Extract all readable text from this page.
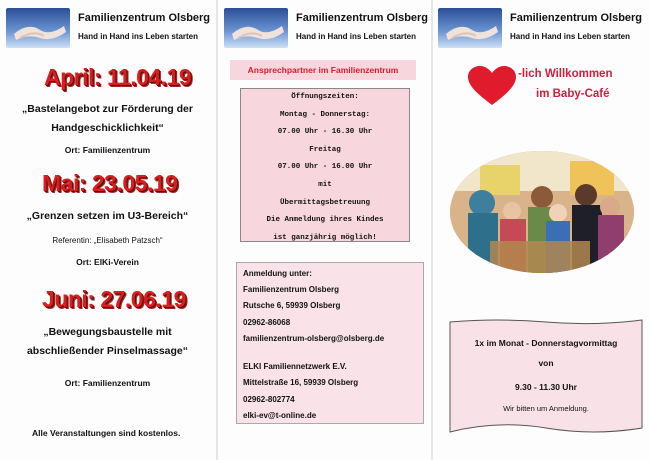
Familienzentrum Olsberg
Hand in Hand ins Leben starten
April: 11.04.19
„Bastelangebot zur Förderung der
Handgeschicklichkeit“
Ort: Familienzentrum
Mai: 23.05.19
„Grenzen setzen im U3-Bereich“
Referentin: „Elisabeth Patzsch“
Ort: ElKi-Verein
Juni: 27.06.19
„Bewegungsbaustelle mit
abschließender Pinselmassage“
Ort: Familienzentrum
Alle Veranstaltungen sind kostenlos.
Familienzentrum Olsberg
Hand in Hand ins Leben starten
Ansprechpartner im Familienzentrum
Öffnungszeiten:
Montag - Donnerstag:
07.00 Uhr - 16.30 Uhr
Freitag
07.00 Uhr - 16.00 Uhr
mit
Übermittagsbetreuung
Die Anmeldung ihres Kindes
ist ganzjährig möglich!
Anmeldung unter:
Familienzentrum Olsberg
Rutsche 6, 59939 Olsberg
02962-86068
familienzentrum-olsberg@olsberg.de
ELKI Familiennetzwerk E.V.
Mittelstraße 16, 59939 Olsberg
02962-802774
elki-ev@t-online.de
Familienzentrum Olsberg
Hand in Hand ins Leben starten
-lich Willkommen
im Baby-Café
1x im Monat - Donnerstagvormittag
von
9.30 - 11.30 Uhr
Wir bitten um Anmeldung.
